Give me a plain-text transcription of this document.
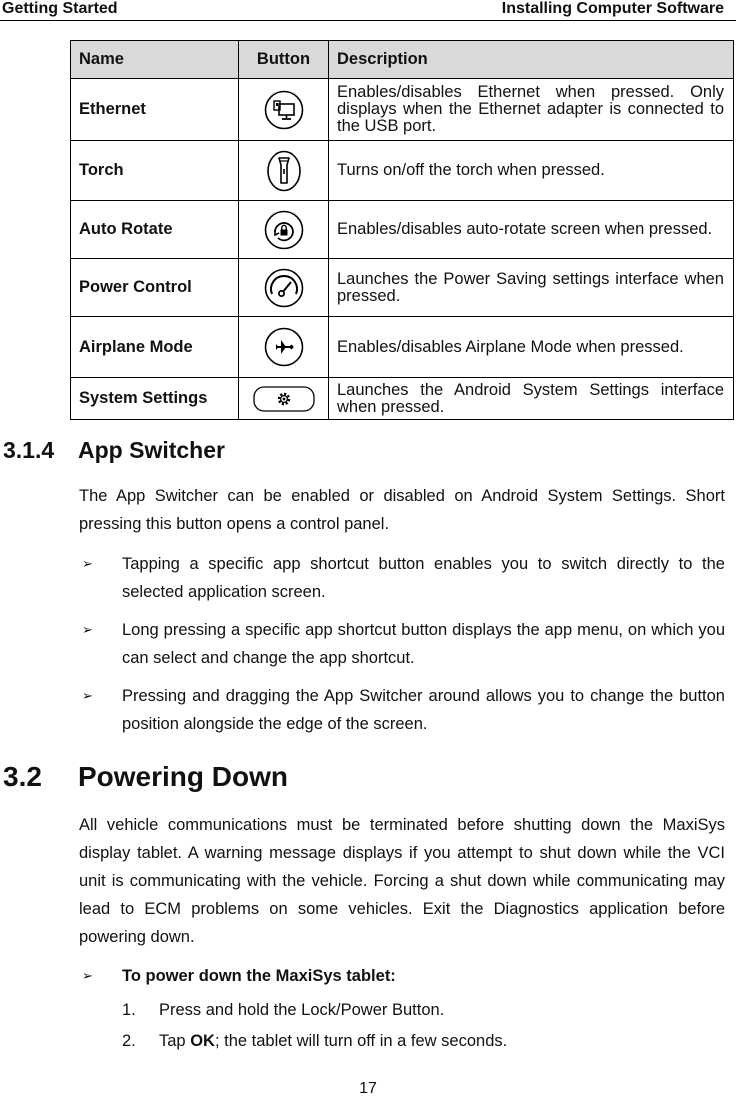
Getting Started	Installing Computer Software
Name	Button	Description
Ethernet		Enables/disables Ethernet when pressed. Only displays when the Ethernet adapter is connected to the USB port.
Torch		Turns on/off the torch when pressed.
Auto Rotate		Enables/disables auto-rotate screen when pressed.
Power Control		Launches the Power Saving settings interface when pressed.
Airplane Mode		Enables/disables Airplane Mode when pressed.
System Settings		Launches the Android System Settings interface when pressed.
3.1.4 App Switcher
The App Switcher can be enabled or disabled on Android System Settings. Short pressing this button opens a control panel.
➢ Tapping a specific app shortcut button enables you to switch directly to the selected application screen.
➢ Long pressing a specific app shortcut button displays the app menu, on which you can select and change the app shortcut.
➢ Pressing and dragging the App Switcher around allows you to change the button position alongside the edge of the screen.
3.2 Powering Down
All vehicle communications must be terminated before shutting down the MaxiSys display tablet. A warning message displays if you attempt to shut down while the VCI unit is communicating with the vehicle. Forcing a shut down while communicating may lead to ECM problems on some vehicles. Exit the Diagnostics application before powering down.
➢ To power down the MaxiSys tablet:
1. Press and hold the Lock/Power Button.
2. Tap OK; the tablet will turn off in a few seconds.
17
